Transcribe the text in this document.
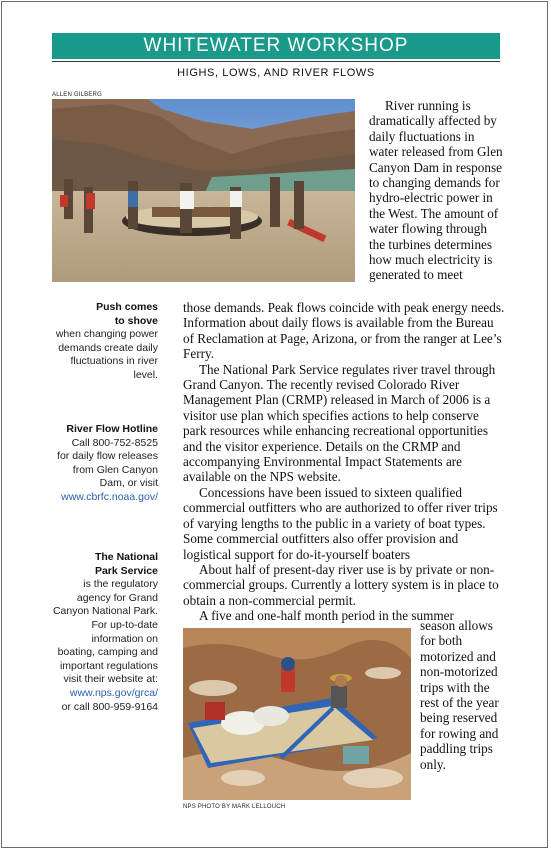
WHITEWATER WORKSHOP
HIGHS, LOWS, AND RIVER FLOWS
ALLEN GILBERG

River running is dramatically affected by daily fluctuations in water released from Glen Canyon Dam in response to changing demands for hydro-electric power in the West. The amount of water flowing through the turbines determines how much electricity is generated to meet

those demands. Peak flows coincide with peak energy needs. Information about daily flows is available from the Bureau of Reclamation at Page, Arizona, or from the ranger at Lee’s Ferry.

The National Park Service regulates river travel through Grand Canyon. The recently revised Colorado River Management Plan (CRMP) released in March of 2006 is a visitor use plan which specifies actions to help conserve park resources while enhancing recreational opportunities and the visitor experience. Details on the CRMP and accompanying Environmental Impact Statements are available on the NPS website.

Concessions have been issued to sixteen qualified commercial outfitters who are authorized to offer river trips of varying lengths to the public in a variety of boat types. Some commercial outfitters also offer provision and logistical support for do-it-yourself boaters

About half of present-day river use is by private or non-commercial groups. Currently a lottery system is in place to obtain a non-commercial permit.

A five and one-half month period in the summer

NPS PHOTO BY MARK LELLOUCH

season allows for both motorized and non-motorized trips with the rest of the year being reserved for rowing and paddling trips only.

Push comes to shove
when changing power demands create daily fluctuations in river level.
River Flow Hotline
Call 800-752-8525
for daily flow releases from Glen Canyon Dam, or visit
www.cbrfc.noaa.gov/
The National Park Service
is the regulatory agency for Grand Canyon National Park. For up-to-date information on boating, camping and important regulations visit their website at:
www.nps.gov/grca/
or call 800-959-9164
